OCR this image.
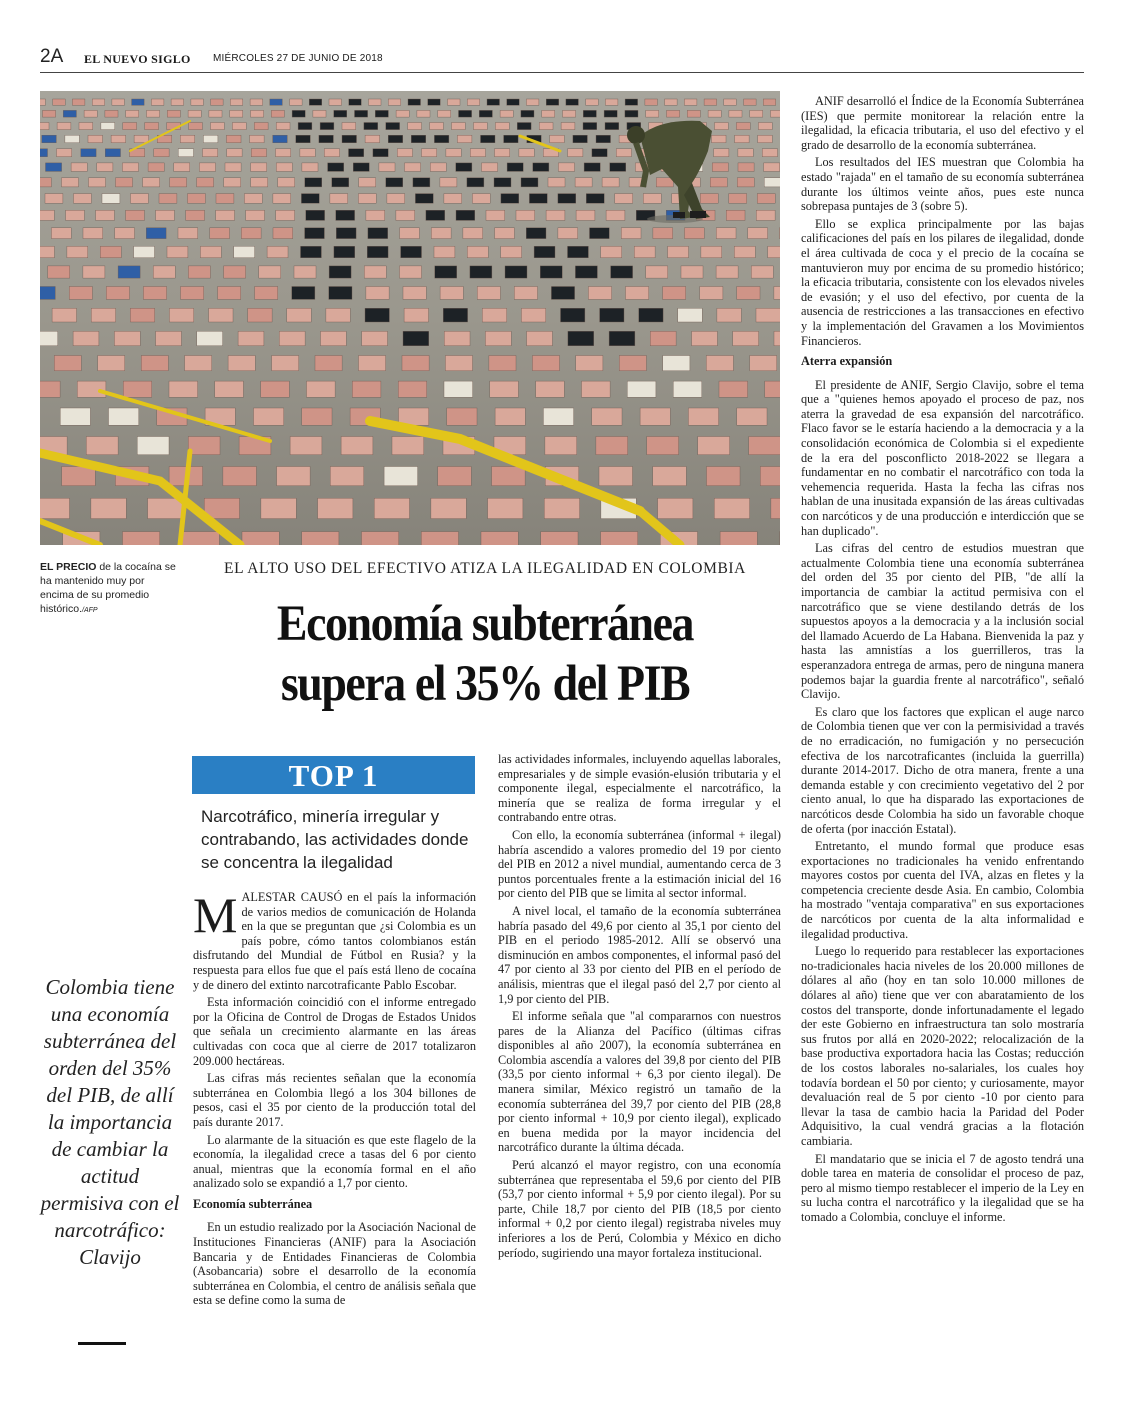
2A EL NUEVO SIGLO MIÉRCOLES 27 DE JUNIO DE 2018
EL PRECIO de la cocaína se ha mantenido muy por encima de su promedio histórico./AFP
EL ALTO USO DEL EFECTIVO ATIZA LA ILEGALIDAD EN COLOMBIA
Economía subterránea
supera el 35% del PIB
TOP 1
Narcotráfico, minería irregular y contrabando, las actividades donde se concentra la ilegalidad
Colombia tiene una economía subterránea del orden del 35% del PIB, de allí la importancia de cambiar la actitud permisiva con el narcotráfico: Clavijo

MALESTAR CAUSÓ en el país la información de varios medios de comunicación de Holanda en la que se preguntan que ¿si Colombia es un país pobre, cómo tantos colombianos están disfrutando del Mundial de Fútbol en Rusia? y la respuesta para ellos fue que el país está lleno de cocaína y de dinero del extinto narcotraficante Pablo Escobar.

Esta información coincidió con el informe entregado por la Oficina de Control de Drogas de Estados Unidos que señala un crecimiento alarmante en las áreas cultivadas con coca que al cierre de 2017 totalizaron 209.000 hectáreas.

Las cifras más recientes señalan que la economía subterránea en Colombia llegó a los 304 billones de pesos, casi el 35 por ciento de la producción total del país durante 2017.

Lo alarmante de la situación es que este flagelo de la economía, la ilegalidad crece a tasas del 6 por ciento anual, mientras que la economía formal en el año analizado solo se expandió a 1,7 por ciento.

Economía subterránea

En un estudio realizado por la Asociación Nacional de Instituciones Financieras (ANIF) para la Asociación Bancaria y de Entidades Financieras de Colombia (Asobancaria) sobre el desarrollo de la economía subterránea en Colombia, el centro de análisis señala que esta se define como la suma de

las actividades informales, incluyendo aquellas laborales, empresariales y de simple evasión-elusión tributaria y el componente ilegal, especialmente el narcotráfico, la minería que se realiza de forma irregular y el contrabando entre otras.

Con ello, la economía subterránea (informal + ilegal) habría ascendido a valores promedio del 19 por ciento del PIB en 2012 a nivel mundial, aumentando cerca de 3 puntos porcentuales frente a la estimación inicial del 16 por ciento del PIB que se limita al sector informal.

A nivel local, el tamaño de la economía subterránea habría pasado del 49,6 por ciento al 35,1 por ciento del PIB en el periodo 1985-2012. Allí se observó una disminución en ambos componentes, el informal pasó del 47 por ciento al 33 por ciento del PIB en el período de análisis, mientras que el ilegal pasó del 2,7 por ciento al 1,9 por ciento del PIB.

El informe señala que "al compararnos con nuestros pares de la Alianza del Pacífico (últimas cifras disponibles al año 2007), la economía subterránea en Colombia ascendía a valores del 39,8 por ciento del PIB (33,5 por ciento informal + 6,3 por ciento ilegal). De manera similar, México registró un tamaño de la economía subterránea del 39,7 por ciento del PIB (28,8 por ciento informal + 10,9 por ciento ilegal), explicado en buena medida por la mayor incidencia del narcotráfico durante la última década.

Perú alcanzó el mayor registro, con una economía subterránea que representaba el 59,6 por ciento del PIB (53,7 por ciento informal + 5,9 por ciento ilegal). Por su parte, Chile 18,7 por ciento del PIB (18,5 por ciento informal + 0,2 por ciento ilegal) registraba niveles muy inferiores a los de Perú, Colombia y México en dicho período, sugiriendo una mayor fortaleza institucional.

ANIF desarrolló el Índice de la Economía Subterránea (IES) que permite monitorear la relación entre la ilegalidad, la eficacia tributaria, el uso del efectivo y el grado de desarrollo de la economía subterránea.

Los resultados del IES muestran que Colombia ha estado "rajada" en el tamaño de su economía subterránea durante los últimos veinte años, pues este nunca sobrepasa puntajes de 3 (sobre 5).

Ello se explica principalmente por las bajas calificaciones del país en los pilares de ilegalidad, donde el área cultivada de coca y el precio de la cocaína se mantuvieron muy por encima de su promedio histórico; la eficacia tributaria, consistente con los elevados niveles de evasión; y el uso del efectivo, por cuenta de la ausencia de restricciones a las transacciones en efectivo y la implementación del Gravamen a los Movimientos Financieros.

Aterra expansión

El presidente de ANIF, Sergio Clavijo, sobre el tema que a "quienes hemos apoyado el proceso de paz, nos aterra la gravedad de esa expansión del narcotráfico. Flaco favor se le estaría haciendo a la democracia y a la consolidación económica de Colombia si el expediente de la era del posconflicto 2018-2022 se llegara a fundamentar en no combatir el narcotráfico con toda la vehemencia requerida. Hasta la fecha las cifras nos hablan de una inusitada expansión de las áreas cultivadas con narcóticos y de una producción e interdicción que se han duplicado".

Las cifras del centro de estudios muestran que actualmente Colombia tiene una economía subterránea del orden del 35 por ciento del PIB, "de allí la importancia de cambiar la actitud permisiva con el narcotráfico que se viene destilando detrás de los supuestos apoyos a la democracia y a la inclusión social del llamado Acuerdo de La Habana. Bienvenida la paz y hasta las amnistías a los guerrilleros, tras la esperanzadora entrega de armas, pero de ninguna manera podemos bajar la guardia frente al narcotráfico", señaló Clavijo.

Es claro que los factores que explican el auge narco de Colombia tienen que ver con la permisividad a través de no erradicación, no fumigación y no persecución efectiva de los narcotraficantes (incluida la guerrilla) durante 2014-2017. Dicho de otra manera, frente a una demanda estable y con crecimiento vegetativo del 2 por ciento anual, lo que ha disparado las exportaciones de narcóticos desde Colombia ha sido un favorable choque de oferta (por inacción Estatal).

Entretanto, el mundo formal que produce esas exportaciones no tradicionales ha venido enfrentando mayores costos por cuenta del IVA, alzas en fletes y la competencia creciente desde Asia. En cambio, Colombia ha mostrado "ventaja comparativa" en sus exportaciones de narcóticos por cuenta de la alta informalidad e ilegalidad productiva.

Luego lo requerido para restablecer las exportaciones no-tradicionales hacia niveles de los 20.000 millones de dólares al año (hoy en tan solo 10.000 millones de dólares al año) tiene que ver con abaratamiento de los costos del transporte, donde infortunadamente el legado der este Gobierno en infraestructura tan solo mostraría sus frutos por allá en 2020-2022; relocalización de la base productiva exportadora hacia las Costas; reducción de los costos laborales no-salariales, los cuales hoy todavía bordean el 50 por ciento; y curiosamente, mayor devaluación real de 5 por ciento -10 por ciento para llevar la tasa de cambio hacia la Paridad del Poder Adquisitivo, la cual vendrá gracias a la flotación cambiaria.

El mandatario que se inicia el 7 de agosto tendrá una doble tarea en materia de consolidar el proceso de paz, pero al mismo tiempo restablecer el imperio de la Ley en su lucha contra el narcotráfico y la ilegalidad que se ha tomado a Colombia, concluye el informe.
